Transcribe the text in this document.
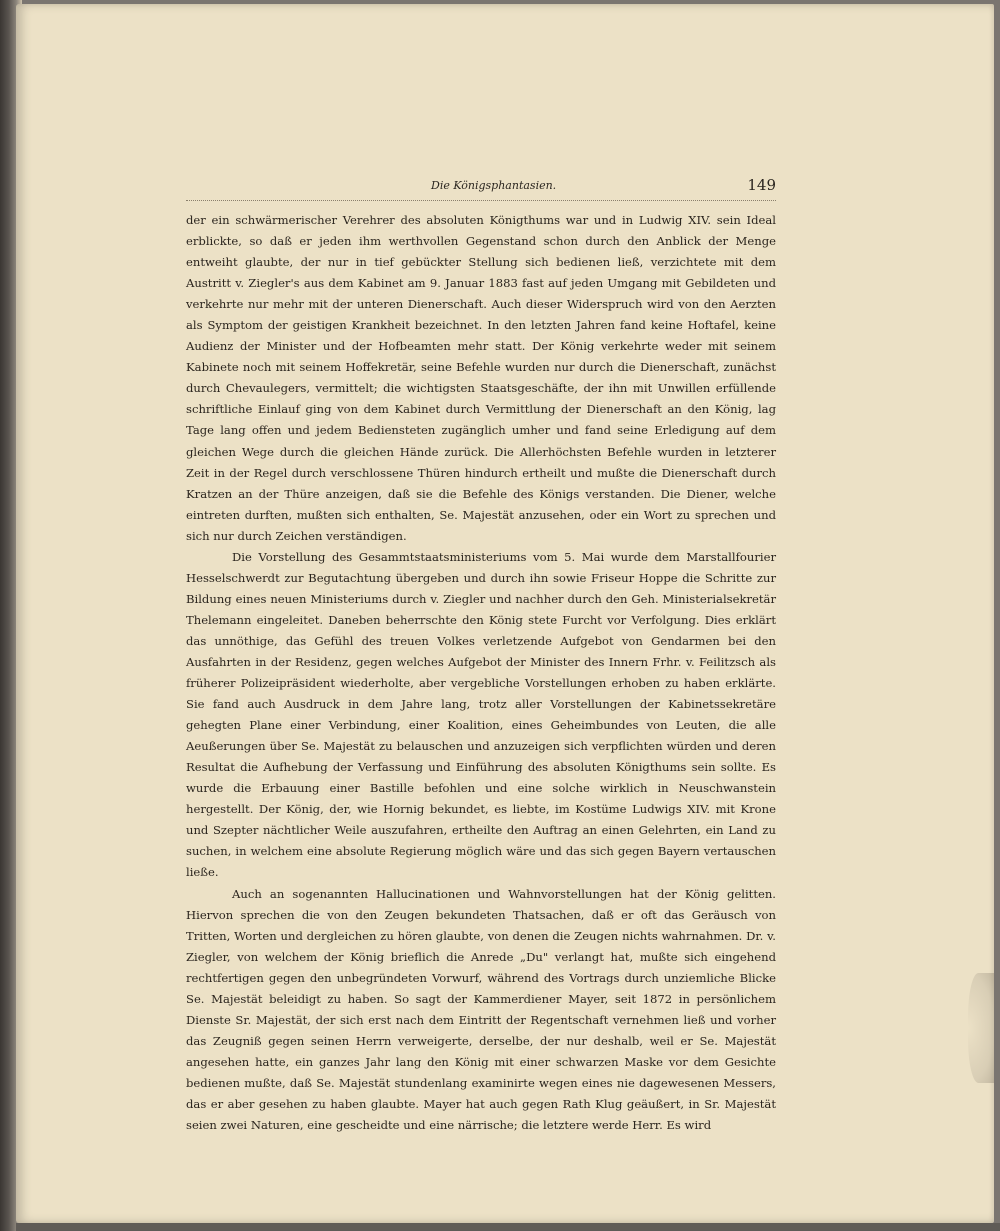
Die Königsphantasien.	149

der ein schwärmerischer Verehrer des absoluten Königthums war und in Ludwig XIV. sein Ideal erblickte, so daß er jeden ihm werthvollen Gegenstand schon durch den Anblick der Menge entweiht glaubte, der nur in tief gebückter Stellung sich bedienen ließ, verzichtete mit dem Austritt v. Ziegler's aus dem Kabinet am 9. Januar 1883 fast auf jeden Umgang mit Gebildeten und verkehrte nur mehr mit der unteren Dienerschaft. Auch dieser Widerspruch wird von den Aerzten als Symptom der geistigen Krankheit bezeichnet. In den letzten Jahren fand keine Hoftafel, keine Audienz der Minister und der Hofbeamten mehr statt. Der König verkehrte weder mit seinem Kabinete noch mit seinem Hoffekretär, seine Befehle wurden nur durch die Dienerschaft, zunächst durch Chevaulegers, vermittelt; die wichtigsten Staatsgeschäfte, der ihn mit Unwillen erfüllende schriftliche Einlauf ging von dem Kabinet durch Vermittlung der Dienerschaft an den König, lag Tage lang offen und jedem Bediensteten zugänglich umher und fand seine Erledigung auf dem gleichen Wege durch die gleichen Hände zurück. Die Allerhöchsten Befehle wurden in letzterer Zeit in der Regel durch verschlossene Thüren hindurch ertheilt und mußte die Dienerschaft durch Kratzen an der Thüre anzeigen, daß sie die Befehle des Königs verstanden. Die Diener, welche eintreten durften, mußten sich enthalten, Se. Majestät anzusehen, oder ein Wort zu sprechen und sich nur durch Zeichen verständigen.

Die Vorstellung des Gesammtstaatsministeriums vom 5. Mai wurde dem Marstallfourier Hesselschwerdt zur Begutachtung übergeben und durch ihn sowie Friseur Hoppe die Schritte zur Bildung eines neuen Ministeriums durch v. Ziegler und nachher durch den Geh. Ministerialsekretär Thelemann eingeleitet. Daneben beherrschte den König stete Furcht vor Verfolgung. Dies erklärt das unnöthige, das Gefühl des treuen Volkes verletzende Aufgebot von Gendarmen bei den Ausfahrten in der Residenz, gegen welches Aufgebot der Minister des Innern Frhr. v. Feilitzsch als früherer Polizeipräsident wiederholte, aber vergebliche Vorstellungen erhoben zu haben erklärte. Sie fand auch Ausdruck in dem Jahre lang, trotz aller Vorstellungen der Kabinetssekretäre gehegten Plane einer Verbindung, einer Koalition, eines Geheimbundes von Leuten, die alle Aeußerungen über Se. Majestät zu belauschen und anzuzeigen sich verpflichten würden und deren Resultat die Aufhebung der Verfassung und Einführung des absoluten Königthums sein sollte. Es wurde die Erbauung einer Bastille befohlen und eine solche wirklich in Neuschwanstein hergestellt. Der König, der, wie Hornig bekundet, es liebte, im Kostüme Ludwigs XIV. mit Krone und Szepter nächtlicher Weile auszufahren, ertheilte den Auftrag an einen Gelehrten, ein Land zu suchen, in welchem eine absolute Regierung möglich wäre und das sich gegen Bayern vertauschen ließe.

Auch an sogenannten Hallucinationen und Wahnvorstellungen hat der König gelitten. Hiervon sprechen die von den Zeugen bekundeten Thatsachen, daß er oft das Geräusch von Tritten, Worten und dergleichen zu hören glaubte, von denen die Zeugen nichts wahrnahmen. Dr. v. Ziegler, von welchem der König brieflich die Anrede „Du" verlangt hat, mußte sich eingehend rechtfertigen gegen den unbegründeten Vorwurf, während des Vortrags durch unziemliche Blicke Se. Majestät beleidigt zu haben. So sagt der Kammerdiener Mayer, seit 1872 in persönlichem Dienste Sr. Majestät, der sich erst nach dem Eintritt der Regentschaft vernehmen ließ und vorher das Zeugniß gegen seinen Herrn verweigerte, derselbe, der nur deshalb, weil er Se. Majestät angesehen hatte, ein ganzes Jahr lang den König mit einer schwarzen Maske vor dem Gesichte bedienen mußte, daß Se. Majestät stundenlang examinirte wegen eines nie dagewesenen Messers, das er aber gesehen zu haben glaubte. Mayer hat auch gegen Rath Klug geäußert, in Sr. Majestät seien zwei Naturen, eine gescheidte und eine närrische; die letztere werde Herr. Es wird
